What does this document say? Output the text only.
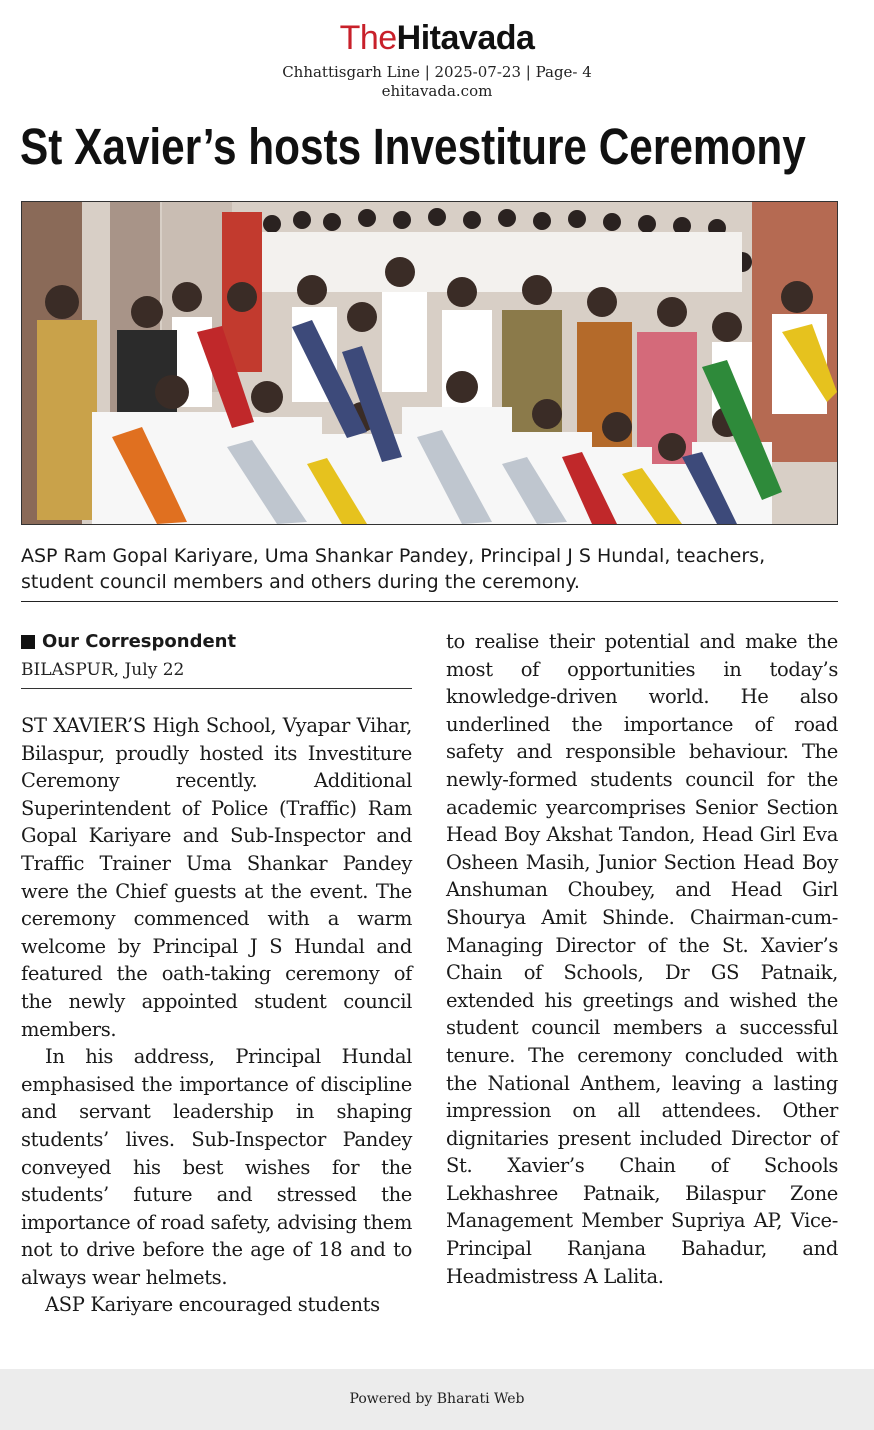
TheHitavada
Chhattisgarh Line | 2025-07-23 | Page- 4
ehitavada.com
St Xavier’s hosts Investiture Ceremony
ASP Ram Gopal Kariyare, Uma Shankar Pandey, Principal J S Hundal, teachers, student council members and others during the ceremony.
Our Correspondent
BILASPUR, July 22

ST XAVIER’S High School, Vyapar Vihar, Bilaspur, proudly hosted its Investiture Ceremony recently. Additional Superintendent of Police (Traffic) Ram Gopal Kariyare and Sub-Inspector and Traffic Trainer Uma Shankar Pandey were the Chief guests at the event. The ceremony commenced with a warm welcome by Principal J S Hundal and featured the oath-taking ceremony of the newly appointed student council members.

In his address, Principal Hundal emphasised the importance of discipline and servant leadership in shaping students’ lives. Sub-Inspector Pandey conveyed his best wishes for the students’ future and stressed the importance of road safety, advising them not to drive before the age of 18 and to always wear helmets.

ASP Kariyare encouraged students

to realise their potential and make the most of opportunities in today’s knowledge-driven world. He also underlined the importance of road safety and responsible behaviour. The newly-formed students council for the academic yearcomprises Senior Section Head Boy Akshat Tandon, Head Girl Eva Osheen Masih, Junior Section Head Boy Anshuman Choubey, and Head Girl Shourya Amit Shinde. Chairman-cum-Managing Director of the St. Xavier’s Chain of Schools, Dr GS Patnaik, extended his greetings and wished the student council members a successful tenure. The ceremony concluded with the National Anthem, leaving a lasting impression on all attendees. Other dignitaries present included Director of St. Xavier’s Chain of Schools Lekhashree Patnaik, Bilaspur Zone Management Member Supriya AP, Vice-Principal Ranjana Bahadur, and Headmistress A Lalita.

Powered by Bharati Web
